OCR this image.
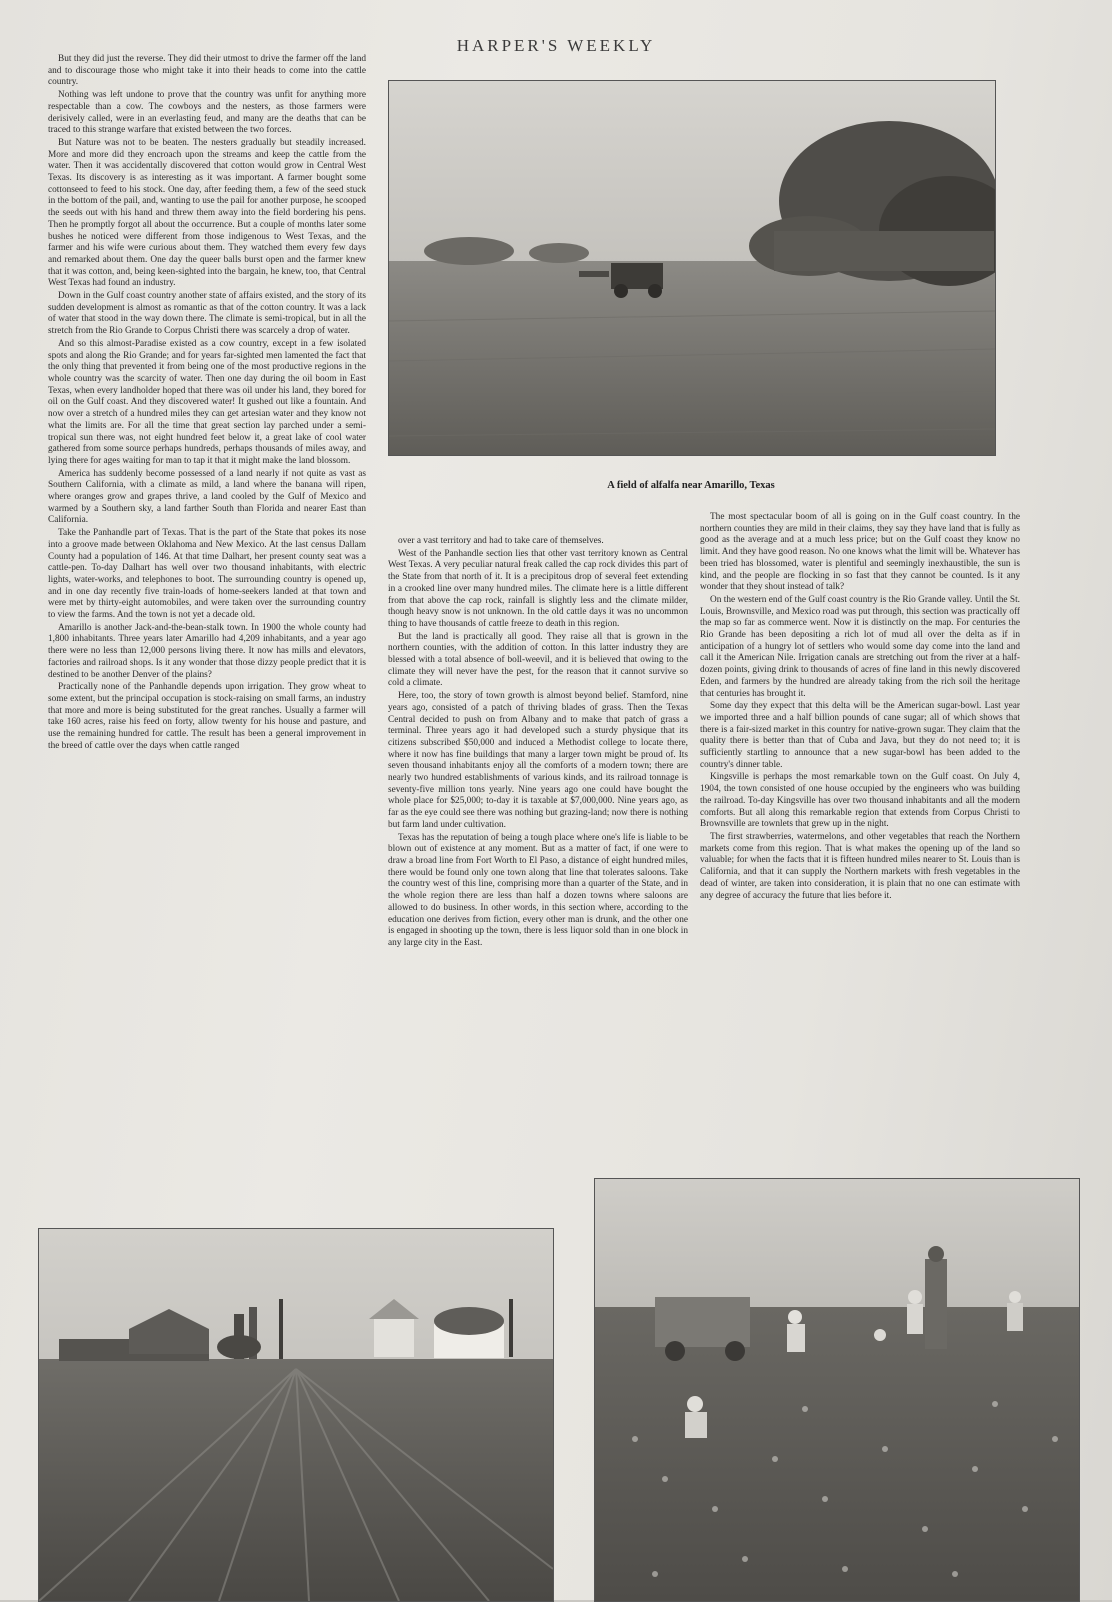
HARPER'S WEEKLY

But they did just the reverse. They did their utmost to drive the farmer off the land and to discourage those who might take it into their heads to come into the cattle country.

Nothing was left undone to prove that the country was unfit for anything more respectable than a cow. The cowboys and the nesters, as those farmers were derisively called, were in an everlasting feud, and many are the deaths that can be traced to this strange warfare that existed between the two forces.

But Nature was not to be beaten. The nesters gradually but steadily increased. More and more did they encroach upon the streams and keep the cattle from the water. Then it was accidentally discovered that cotton would grow in Central West Texas. Its discovery is as interesting as it was important. A farmer bought some cottonseed to feed to his stock. One day, after feeding them, a few of the seed stuck in the bottom of the pail, and, wanting to use the pail for another purpose, he scooped the seeds out with his hand and threw them away into the field bordering his pens. Then he promptly forgot all about the occurrence. But a couple of months later some bushes he noticed were different from those indigenous to West Texas, and the farmer and his wife were curious about them. They watched them every few days and remarked about them. One day the queer balls burst open and the farmer knew that it was cotton, and, being keen-sighted into the bargain, he knew, too, that Central West Texas had found an industry.

Down in the Gulf coast country another state of affairs existed, and the story of its sudden development is almost as romantic as that of the cotton country. It was a lack of water that stood in the way down there. The climate is semi-tropical, but in all the stretch from the Rio Grande to Corpus Christi there was scarcely a drop of water.

And so this almost-Paradise existed as a cow country, except in a few isolated spots and along the Rio Grande; and for years far-sighted men lamented the fact that the only thing that prevented it from being one of the most productive regions in the whole country was the scarcity of water. Then one day during the oil boom in East Texas, when every landholder hoped that there was oil under his land, they bored for oil on the Gulf coast. And they discovered water! It gushed out like a fountain. And now over a stretch of a hundred miles they can get artesian water and they know not what the limits are. For all the time that great section lay parched under a semi-tropical sun there was, not eight hundred feet below it, a great lake of cool water gathered from some source perhaps hundreds, perhaps thousands of miles away, and lying there for ages waiting for man to tap it that it might make the land blossom.

America has suddenly become possessed of a land nearly if not quite as vast as Southern California, with a climate as mild, a land where the banana will ripen, where oranges grow and grapes thrive, a land cooled by the Gulf of Mexico and warmed by a Southern sky, a land farther South than Florida and nearer East than California.

Take the Panhandle part of Texas. That is the part of the State that pokes its nose into a groove made between Oklahoma and New Mexico. At the last census Dallam County had a population of 146. At that time Dalhart, her present county seat was a cattle-pen. To-day Dalhart has well over two thousand inhabitants, with electric lights, water-works, and telephones to boot. The surrounding country is opened up, and in one day recently five train-loads of home-seekers landed at that town and were met by thirty-eight automobiles, and were taken over the surrounding country to view the farms. And the town is not yet a decade old.

Amarillo is another Jack-and-the-bean-stalk town. In 1900 the whole county had 1,800 inhabitants. Three years later Amarillo had 4,209 inhabitants, and a year ago there were no less than 12,000 persons living there. It now has mills and elevators, factories and railroad shops. Is it any wonder that those dizzy people predict that it is destined to be another Denver of the plains?

Practically none of the Panhandle depends upon irrigation. They grow wheat to some extent, but the principal occupation is stock-raising on small farms, an industry that more and more is being substituted for the great ranches. Usually a farmer will take 160 acres, raise his feed on forty, allow twenty for his house and pasture, and use the remaining hundred for cattle. The result has been a general improvement in the breed of cattle over the days when cattle ranged

A field of alfalfa near Amarillo, Texas

over a vast territory and had to take care of themselves.

West of the Panhandle section lies that other vast territory known as Central West Texas. A very peculiar natural freak called the cap rock divides this part of the State from that north of it. It is a precipitous drop of several feet extending in a crooked line over many hundred miles. The climate here is a little different from that above the cap rock, rainfall is slightly less and the climate milder, though heavy snow is not unknown. In the old cattle days it was no uncommon thing to have thousands of cattle freeze to death in this region.

But the land is practically all good. They raise all that is grown in the northern counties, with the addition of cotton. In this latter industry they are blessed with a total absence of boll-weevil, and it is believed that owing to the climate they will never have the pest, for the reason that it cannot survive so cold a climate.

Here, too, the story of town growth is almost beyond belief. Stamford, nine years ago, consisted of a patch of thriving blades of grass. Then the Texas Central decided to push on from Albany and to make that patch of grass a terminal. Three years ago it had developed such a sturdy physique that its citizens subscribed $50,000 and induced a Methodist college to locate there, where it now has fine buildings that many a larger town might be proud of. Its seven thousand inhabitants enjoy all the comforts of a modern town; there are nearly two hundred establishments of various kinds, and its railroad tonnage is seventy-five million tons yearly. Nine years ago one could have bought the whole place for $25,000; to-day it is taxable at $7,000,000. Nine years ago, as far as the eye could see there was nothing but grazing-land; now there is nothing but farm land under cultivation.

Texas has the reputation of being a tough place where one's life is liable to be blown out of existence at any moment. But as a matter of fact, if one were to draw a broad line from Fort Worth to El Paso, a distance of eight hundred miles, there would be found only one town along that line that tolerates saloons. Take the country west of this line, comprising more than a quarter of the State, and in the whole region there are less than half a dozen towns where saloons are allowed to do business. In other words, in this section where, according to the education one derives from fiction, every other man is drunk, and the other one is engaged in shooting up the town, there is less liquor sold than in one block in any large city in the East.

The most spectacular boom of all is going on in the Gulf coast country. In the northern counties they are mild in their claims, they say they have land that is fully as good as the average and at a much less price; but on the Gulf coast they know no limit. And they have good reason. No one knows what the limit will be. Whatever has been tried has blossomed, water is plentiful and seemingly inexhaustible, the sun is kind, and the people are flocking in so fast that they cannot be counted. Is it any wonder that they shout instead of talk?

On the western end of the Gulf coast country is the Rio Grande valley. Until the St. Louis, Brownsville, and Mexico road was put through, this section was practically off the map so far as commerce went. Now it is distinctly on the map. For centuries the Rio Grande has been depositing a rich lot of mud all over the delta as if in anticipation of a hungry lot of settlers who would some day come into the land and call it the American Nile. Irrigation canals are stretching out from the river at a half-dozen points, giving drink to thousands of acres of fine land in this newly discovered Eden, and farmers by the hundred are already taking from the rich soil the heritage that centuries has brought it.

Some day they expect that this delta will be the American sugar-bowl. Last year we imported three and a half billion pounds of cane sugar; all of which shows that there is a fair-sized market in this country for native-grown sugar. They claim that the quality there is better than that of Cuba and Java, but they do not need to; it is sufficiently startling to announce that a new sugar-bowl has been added to the country's dinner table.

Kingsville is perhaps the most remarkable town on the Gulf coast. On July 4, 1904, the town consisted of one house occupied by the engineers who was building the railroad. To-day Kingsville has over two thousand inhabitants and all the modern comforts. But all along this remarkable region that extends from Corpus Christi to Brownsville are townlets that grew up in the night.

The first strawberries, watermelons, and other vegetables that reach the Northern markets come from this region. That is what makes the opening up of the land so valuable; for when the facts that it is fifteen hundred miles nearer to St. Louis than is California, and that it can supply the Northern markets with fresh vegetables in the dead of winter, are taken into consideration, it is plain that no one can estimate with any degree of accuracy the future that lies before it.
